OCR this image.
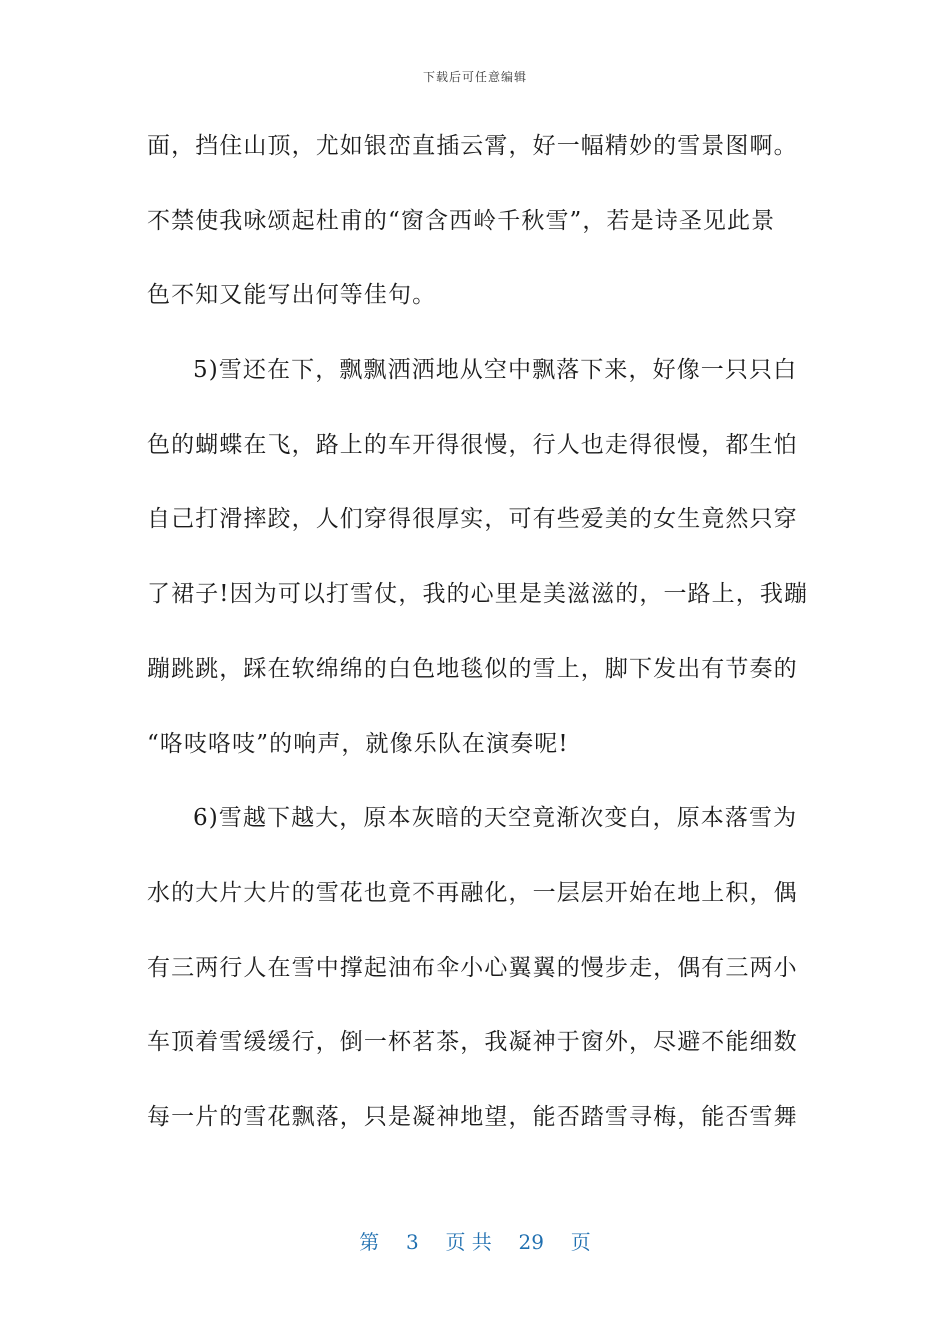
下载后可任意编辑
面，挡住山顶，尤如银峦直插云霄，好一幅精妙的雪景图啊。
不禁使我咏颂起杜甫的“窗含西岭千秋雪”，若是诗圣见此景
色不知又能写出何等佳句。
5)雪还在下，飘飘洒洒地从空中飘落下来，好像一只只白
色的蝴蝶在飞，路上的车开得很慢，行人也走得很慢，都生怕
自己打滑摔跤，人们穿得很厚实，可有些爱美的女生竟然只穿
了裙子!因为可以打雪仗，我的心里是美滋滋的，一路上，我蹦
蹦跳跳，踩在软绵绵的白色地毯似的雪上，脚下发出有节奏的
“咯吱咯吱”的响声，就像乐队在演奏呢!
6)雪越下越大，原本灰暗的天空竟渐次变白，原本落雪为
水的大片大片的雪花也竟不再融化，一层层开始在地上积，偶
有三两行人在雪中撑起油布伞小心翼翼的慢步走，偶有三两小
车顶着雪缓缓行，倒一杯茗茶，我凝神于窗外，尽避不能细数
每一片的雪花飘落，只是凝神地望，能否踏雪寻梅，能否雪舞
第 3 页 共 29 页
